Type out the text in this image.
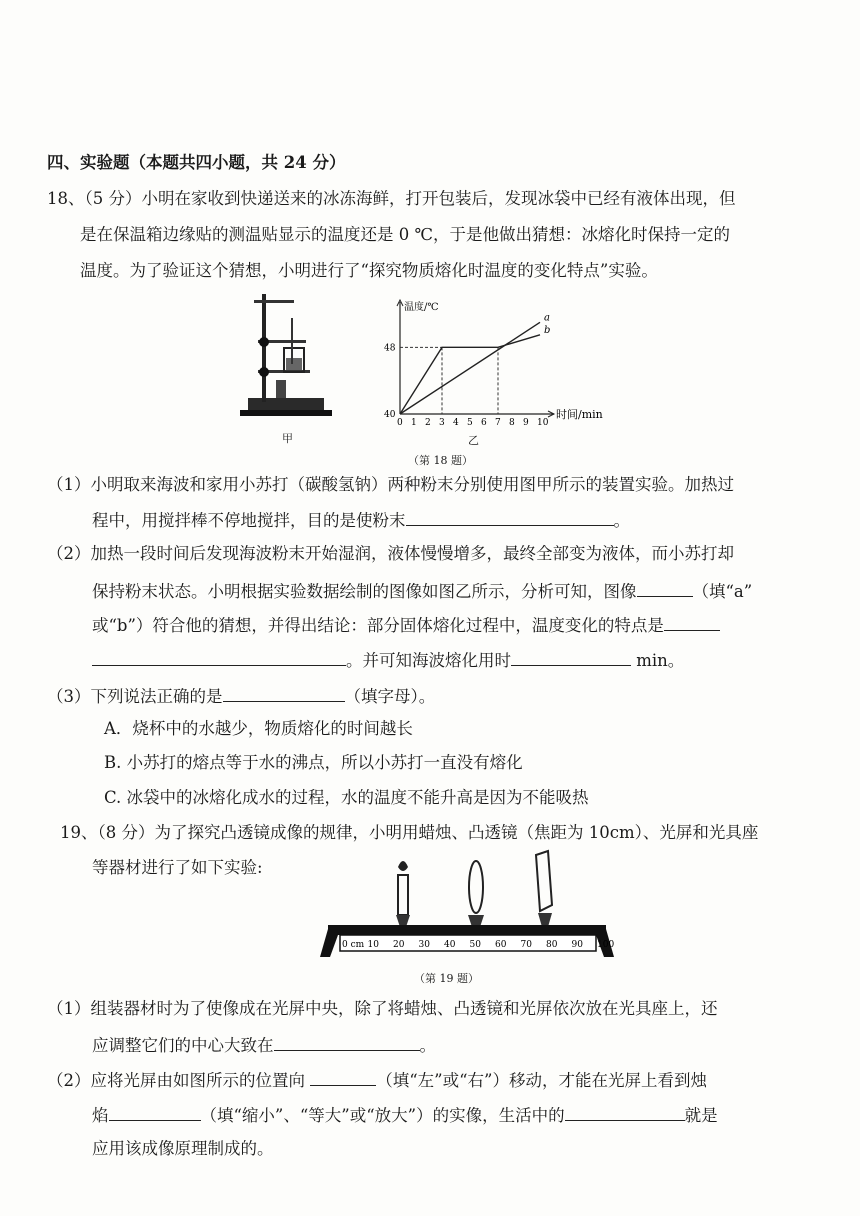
四、实验题（本题共四小题，共 24 分）
18、（5 分）小明在家收到快递送来的冰冻海鲜，打开包装后，发现冰袋中已经有液体出现，但
是在保温箱边缘贴的测温贴显示的温度还是 0 ℃，于是他做出猜想：冰熔化时保持一定的
温度。为了验证这个猜想，小明进行了“探究物质熔化时温度的变化特点”实验。
甲
温度/℃
时间/min
0 1 2 3 4 5 6 7 8 9 10
40
48
a
b
乙
（第 18 题）
（1）小明取来海波和家用小苏打（碳酸氢钠）两种粉末分别使用图甲所示的装置实验。加热过
程中，用搅拌棒不停地搅拌，目的是使粉末	。
（2）加热一段时间后发现海波粉末开始湿润，液体慢慢增多，最终全部变为液体，而小苏打却
保持粉末状态。小明根据实验数据绘制的图像如图乙所示，分析可知，图像	（填“a”
或“b”）符合他的猜想，并得出结论：部分固体熔化过程中，温度变化的特点是
。并可知海波熔化用时	min。
（3）下列说法正确的是	（填字母）。
A．烧杯中的水越少，物质熔化的时间越长
B. 小苏打的熔点等于水的沸点，所以小苏打一直没有熔化
C. 冰袋中的冰熔化成水的过程，水的温度不能升高是因为不能吸热
19、（8 分）为了探究凸透镜成像的规律，小明用蜡烛、凸透镜（焦距为 10cm）、光屏和光具座
等器材进行了如下实验:
0 cm 10 20 30 40 50 60 70 80 90 100
（第 19 题）
（1）组装器材时为了使像成在光屏中央，除了将蜡烛、凸透镜和光屏依次放在光具座上，还
应调整它们的中心大致在	。
（2）应将光屏由如图所示的位置向	（填“左”或“右”）移动，才能在光屏上看到烛
焰	（填“缩小”、“等大”或“放大”）的实像，生活中的	就是
应用该成像原理制成的。
